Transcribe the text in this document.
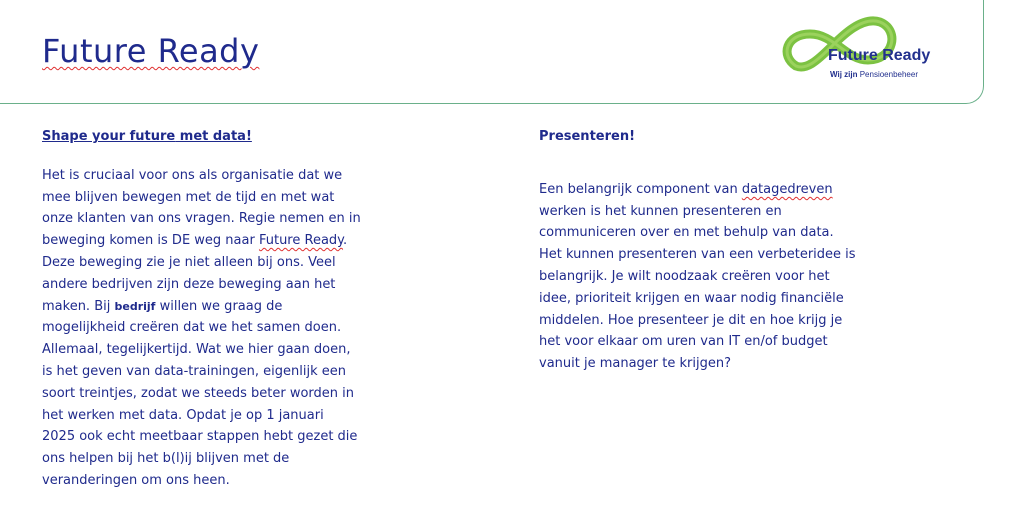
Future Ready	Future Ready
Wij zijn Pensioenbeheer
Shape your future met data!
Het is cruciaal voor ons als organisatie dat we
mee blijven bewegen met de tijd en met wat
onze klanten van ons vragen. Regie nemen en in
beweging komen is DE weg naar Future Ready.
Deze beweging zie je niet alleen bij ons. Veel
andere bedrijven zijn deze beweging aan het
maken. Bij bedrijf willen we graag de
mogelijkheid creëren dat we het samen doen.
Allemaal, tegelijkertijd. Wat we hier gaan doen,
is het geven van data-trainingen, eigenlijk een
soort treintjes, zodat we steeds beter worden in
het werken met data. Opdat je op 1 januari
2025 ook echt meetbaar stappen hebt gezet die
ons helpen bij het b(l)ij blijven met de
veranderingen om ons heen.
Presenteren!
Een belangrijk component van datagedreven
werken is het kunnen presenteren en
communiceren over en met behulp van data.
Het kunnen presenteren van een verbeteridee is
belangrijk. Je wilt noodzaak creëren voor het
idee, prioriteit krijgen en waar nodig financiële
middelen. Hoe presenteer je dit en hoe krijg je
het voor elkaar om uren van IT en/of budget
vanuit je manager te krijgen?
